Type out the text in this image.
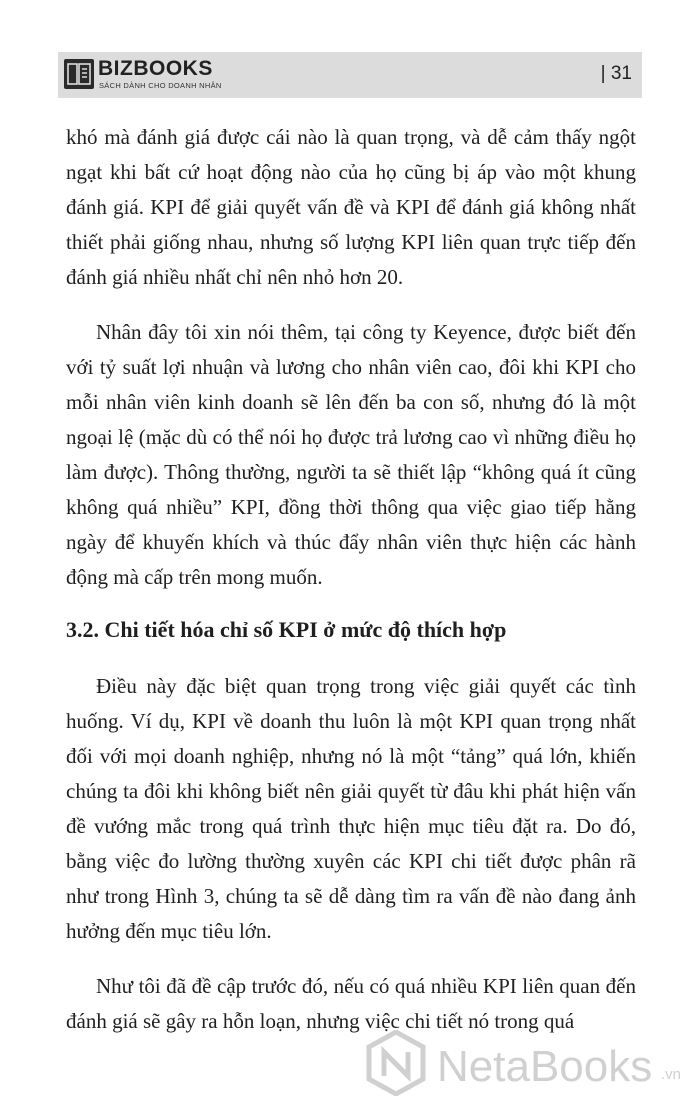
BIZBOOKS
SÁCH DÀNH CHO DOANH NHÂN
| 31

khó mà đánh giá được cái nào là quan trọng, và dễ cảm thấy ngột ngạt khi bất cứ hoạt động nào của họ cũng bị áp vào một khung đánh giá. KPI để giải quyết vấn đề và KPI để đánh giá không nhất thiết phải giống nhau, nhưng số lượng KPI liên quan trực tiếp đến đánh giá nhiều nhất chỉ nên nhỏ hơn 20.

Nhân đây tôi xin nói thêm, tại công ty Keyence, được biết đến với tỷ suất lợi nhuận và lương cho nhân viên cao, đôi khi KPI cho mỗi nhân viên kinh doanh sẽ lên đến ba con số, nhưng đó là một ngoại lệ (mặc dù có thể nói họ được trả lương cao vì những điều họ làm được). Thông thường, người ta sẽ thiết lập “không quá ít cũng không quá nhiều” KPI, đồng thời thông qua việc giao tiếp hằng ngày để khuyến khích và thúc đẩy nhân viên thực hiện các hành động mà cấp trên mong muốn.

3.2. Chi tiết hóa chỉ số KPI ở mức độ thích hợp

Điều này đặc biệt quan trọng trong việc giải quyết các tình huống. Ví dụ, KPI về doanh thu luôn là một KPI quan trọng nhất đối với mọi doanh nghiệp, nhưng nó là một “tảng” quá lớn, khiến chúng ta đôi khi không biết nên giải quyết từ đâu khi phát hiện vấn đề vướng mắc trong quá trình thực hiện mục tiêu đặt ra. Do đó, bằng việc đo lường thường xuyên các KPI chi tiết được phân rã như trong Hình 3, chúng ta sẽ dễ dàng tìm ra vấn đề nào đang ảnh hưởng đến mục tiêu lớn.

Như tôi đã đề cập trước đó, nếu có quá nhiều KPI liên quan đến đánh giá sẽ gây ra hỗn loạn, nhưng việc chi tiết nó trong quá

NetaBooks .vn
